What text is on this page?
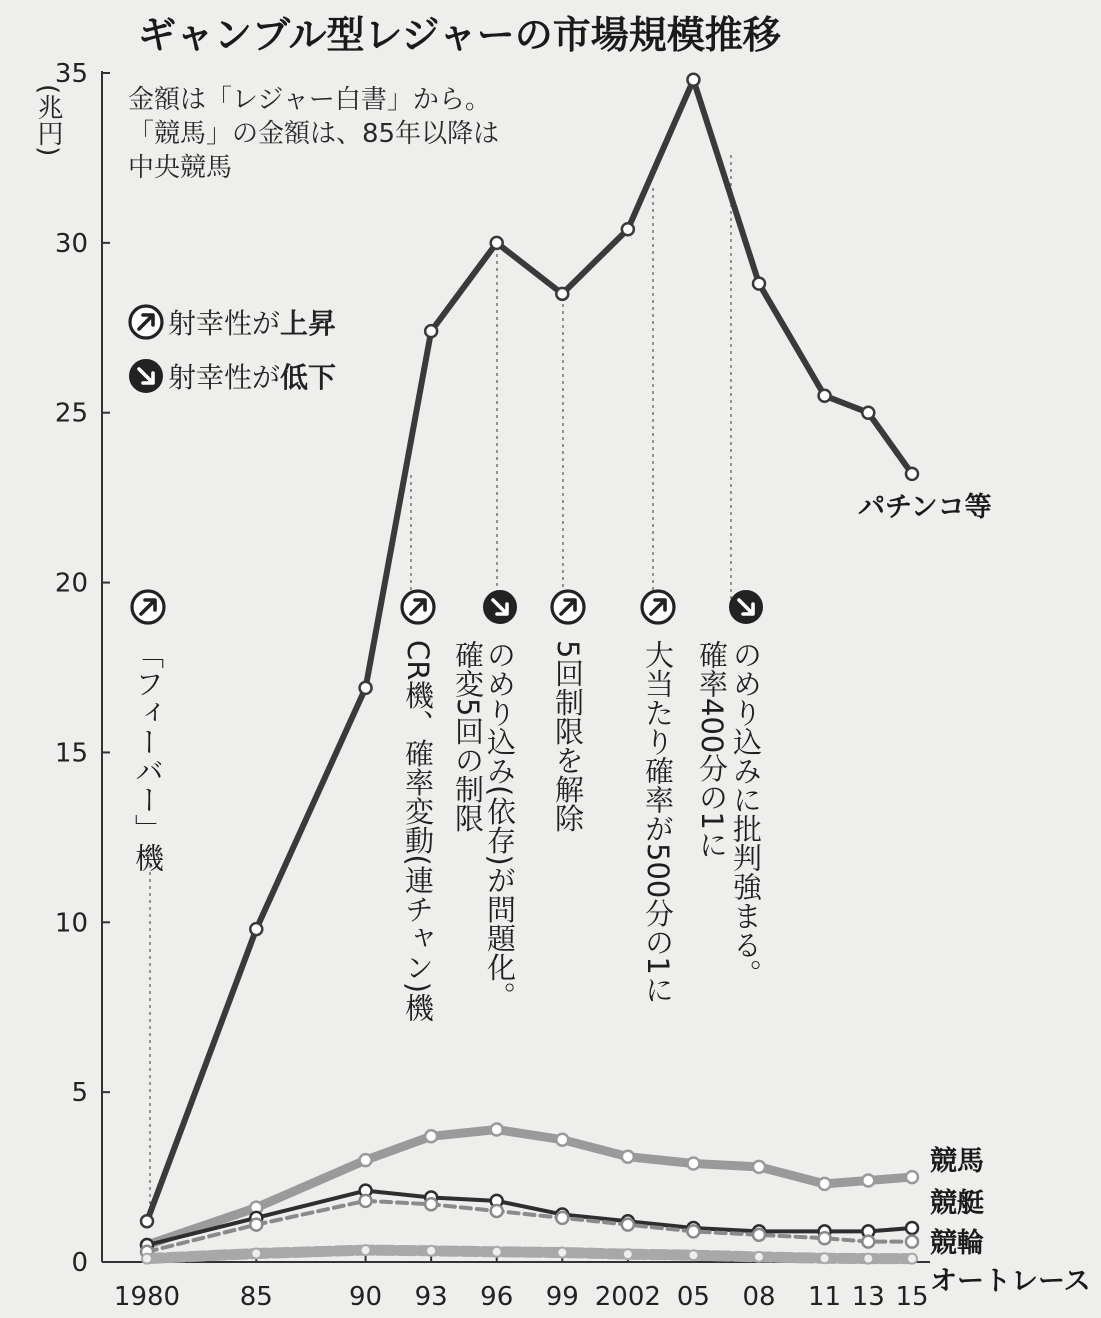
ギャンブル型レジャーの市場規模推移
金額は「レジャー白書」から。
「競馬」の金額は、85年以降は
中央競馬
射幸性が上昇
射幸性が低下
0
5
10
15
20
25
30
35
(兆円)
1980 85	90 93 96 99 2002 05 08 11 13 15
パチンコ等
競馬
競艇
競輪
オートレース
「フィーバー」機	CR機、確率変動(連チャン)機 のめり込み(依存)が問題化。
確変5回の制限 5回制限を解除 大当たり確率が500分の1に のめり込みに批判強まる。
確率400分の1に
